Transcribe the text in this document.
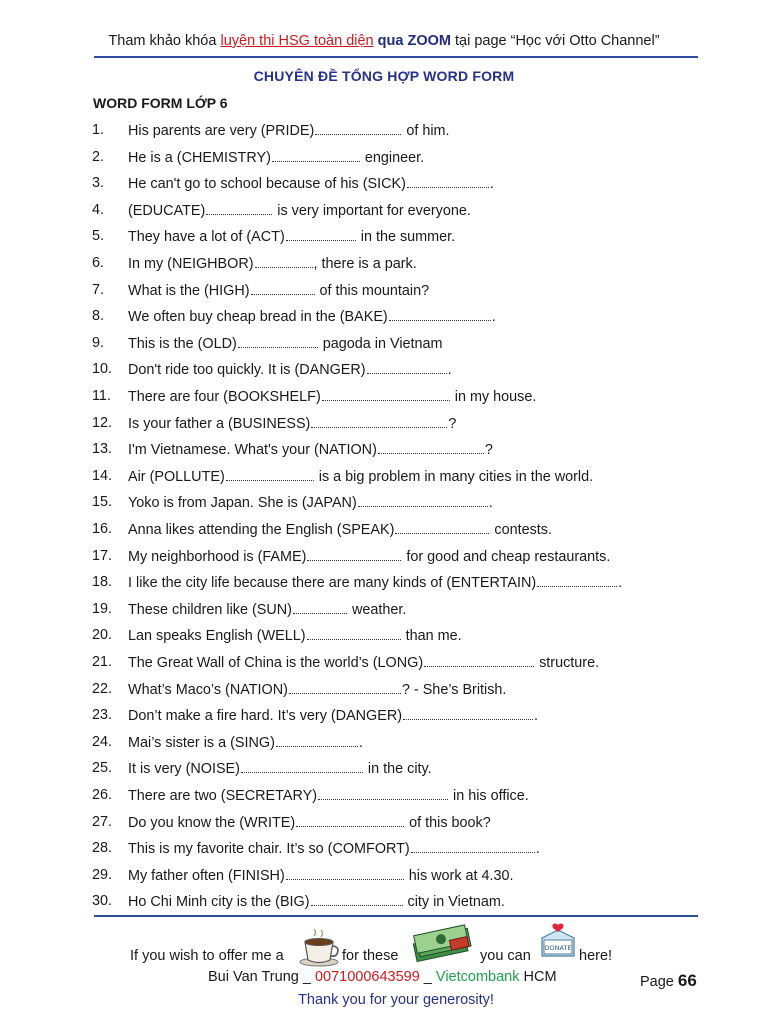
Tham khảo khóa luyện thi HSG toàn diện qua ZOOM tại page “Học với Otto Channel”
CHUYÊN ĐỀ TỔNG HỢP WORD FORM
WORD FORM LỚP 6
1. His parents are very (PRIDE)	of him.
2. He is a (CHEMISTRY)	engineer.
3. He can't go to school because of his (SICK)	.
4. (EDUCATE)	is very important for everyone.
5. They have a lot of (ACT)	in the summer.
6. In my (NEIGHBOR)	, there is a park.
7. What is the (HIGH)	of this mountain?
8. We often buy cheap bread in the (BAKE)	.
9. This is the (OLD)	pagoda in Vietnam
10. Don't ride too quickly. It is (DANGER)	.
11. There are four (BOOKSHELF)	in my house.
12. Is your father a (BUSINESS)	?
13. I'm Vietnamese. What's your (NATION)	?
14. Air (POLLUTE)	is a big problem in many cities in the world.
15. Yoko is from Japan. She is (JAPAN)	.
16. Anna likes attending the English (SPEAK)	contests.
17. My neighborhood is (FAME)	for good and cheap restaurants.
18. I like the city life because there are many kinds of (ENTERTAIN)	.
19. These children like (SUN)	weather.
20. Lan speaks English (WELL)	than me.
21. The Great Wall of China is the world’s (LONG)	structure.
22. What’s Maco’s (NATION)	? - She’s British.
23. Don’t make a fire hard. It’s very (DANGER)	.
24. Mai’s sister is a (SING)	.
25. It is very (NOISE)	in the city.
26. There are two (SECRETARY)	in his office.
27. Do you know the (WRITE)	of this book?
28. This is my favorite chair. It’s so (COMFORT)	.
29. My father often (FINISH)	his work at 4.30.
30. Ho Chi Minh city is the (BIG)	city in Vietnam.
If you wish to offer me a	for these	you can DONATE here!
Bui Van Trung _ 0071000643599 _ Vietcombank HCM	Page 66
Thank you for your generosity!
